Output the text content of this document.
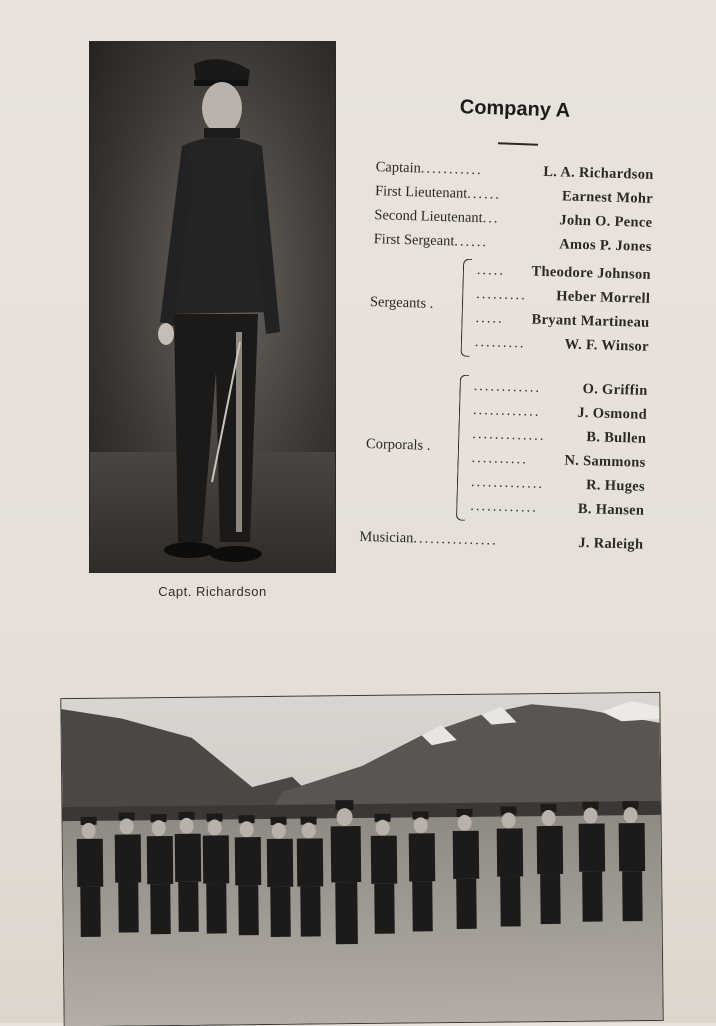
Capt. Richardson
Company A
Captain ...........	L. A. Richardson
First Lieutenant ......	Earnest Mohr
Second Lieutenant ...	John O. Pence
First Sergeant ......	Amos P. Jones
Sergeants .
.....	Theodore Johnson
.........	Heber Morrell
.....	Bryant Martineau
.........	W. F. Winsor
Corporals .
............	O. Griffin
............	J. Osmond
.............	B. Bullen
..........	N. Sammons
.............	R. Huges
............	B. Hansen
Musician ...............	J. Raleigh
